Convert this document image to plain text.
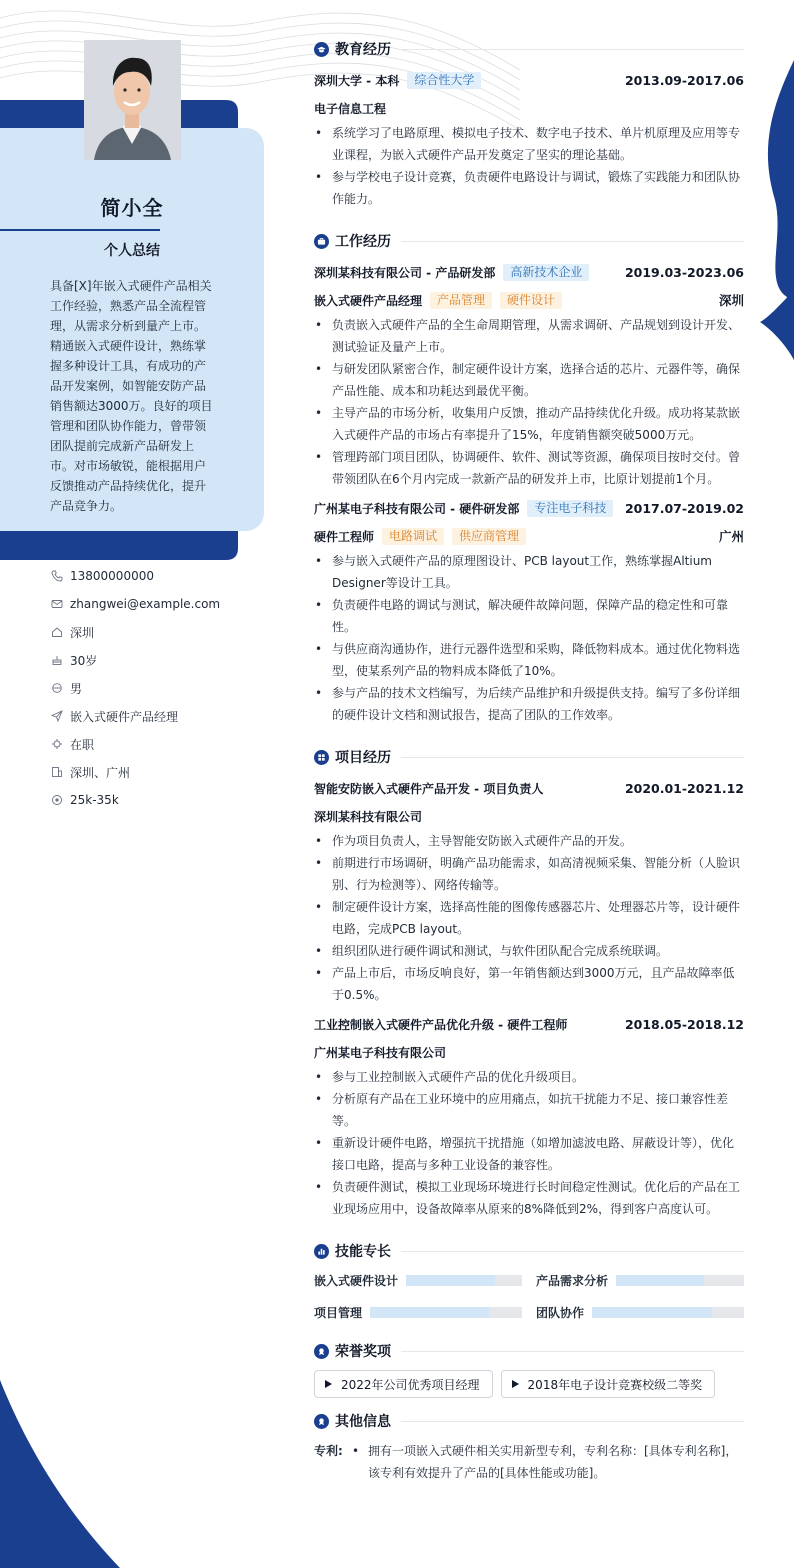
简小全
个人总结
具备[X]年嵌入式硬件产品相关工作经验，熟悉产品全流程管理，从需求分析到量产上市。精通嵌入式硬件设计，熟练掌握多种设计工具，有成功的产品开发案例，如智能安防产品销售额达3000万。良好的项目管理和团队协作能力，曾带领团队提前完成新产品研发上市。对市场敏锐，能根据用户反馈推动产品持续优化，提升产品竞争力。
13800000000
zhangwei@example.com
深圳
30岁
男
嵌入式硬件产品经理
在职
深圳、广州
25k-35k
教育经历
深圳大学 - 本科	综合性大学	2013.09-2017.06
电子信息工程
• 系统学习了电路原理、模拟电子技术、数字电子技术、单片机原理及应用等专业课程，为嵌入式硬件产品开发奠定了坚实的理论基础。
• 参与学校电子设计竞赛，负责硬件电路设计与调试，锻炼了实践能力和团队协作能力。
工作经历
深圳某科技有限公司 - 产品研发部	高新技术企业	2019.03-2023.06
嵌入式硬件产品经理	产品管理	硬件设计	深圳
• 负责嵌入式硬件产品的全生命周期管理，从需求调研、产品规划到设计开发、测试验证及量产上市。
• 与研发团队紧密合作，制定硬件设计方案，选择合适的芯片、元器件等，确保产品性能、成本和功耗达到最优平衡。
• 主导产品的市场分析，收集用户反馈，推动产品持续优化升级。成功将某款嵌入式硬件产品的市场占有率提升了15%，年度销售额突破5000万元。
• 管理跨部门项目团队，协调硬件、软件、测试等资源，确保项目按时交付。曾带领团队在6个月内完成一款新产品的研发并上市，比原计划提前1个月。
广州某电子科技有限公司 - 硬件研发部	专注电子科技	2017.07-2019.02
硬件工程师	电路调试	供应商管理	广州
• 参与嵌入式硬件产品的原理图设计、PCB layout工作，熟练掌握Altium Designer等设计工具。
• 负责硬件电路的调试与测试，解决硬件故障问题，保障产品的稳定性和可靠性。
• 与供应商沟通协作，进行元器件选型和采购，降低物料成本。通过优化物料选型，使某系列产品的物料成本降低了10%。
• 参与产品的技术文档编写，为后续产品维护和升级提供支持。编写了多份详细的硬件设计文档和测试报告，提高了团队的工作效率。
项目经历
智能安防嵌入式硬件产品开发 - 项目负责人	2020.01-2021.12
深圳某科技有限公司
• 作为项目负责人，主导智能安防嵌入式硬件产品的开发。
• 前期进行市场调研，明确产品功能需求，如高清视频采集、智能分析（人脸识别、行为检测等）、网络传输等。
• 制定硬件设计方案，选择高性能的图像传感器芯片、处理器芯片等，设计硬件电路，完成PCB layout。
• 组织团队进行硬件调试和测试，与软件团队配合完成系统联调。
• 产品上市后，市场反响良好，第一年销售额达到3000万元，且产品故障率低于0.5%。
工业控制嵌入式硬件产品优化升级 - 硬件工程师	2018.05-2018.12
广州某电子科技有限公司
• 参与工业控制嵌入式硬件产品的优化升级项目。
• 分析原有产品在工业环境中的应用痛点，如抗干扰能力不足、接口兼容性差等。
• 重新设计硬件电路，增强抗干扰措施（如增加滤波电路、屏蔽设计等），优化接口电路，提高与多种工业设备的兼容性。
• 负责硬件测试，模拟工业现场环境进行长时间稳定性测试。优化后的产品在工业现场应用中，设备故障率从原来的8%降低到2%，得到客户高度认可。
技能专长
嵌入式硬件设计	产品需求分析
项目管理	团队协作
荣誉奖项
2022年公司优秀项目经理	2018年电子设计竞赛校级二等奖
其他信息
专利:
•	拥有一项嵌入式硬件相关实用新型专利，专利名称：[具体专利名称]，该专利有效提升了产品的[具体性能或功能]。
